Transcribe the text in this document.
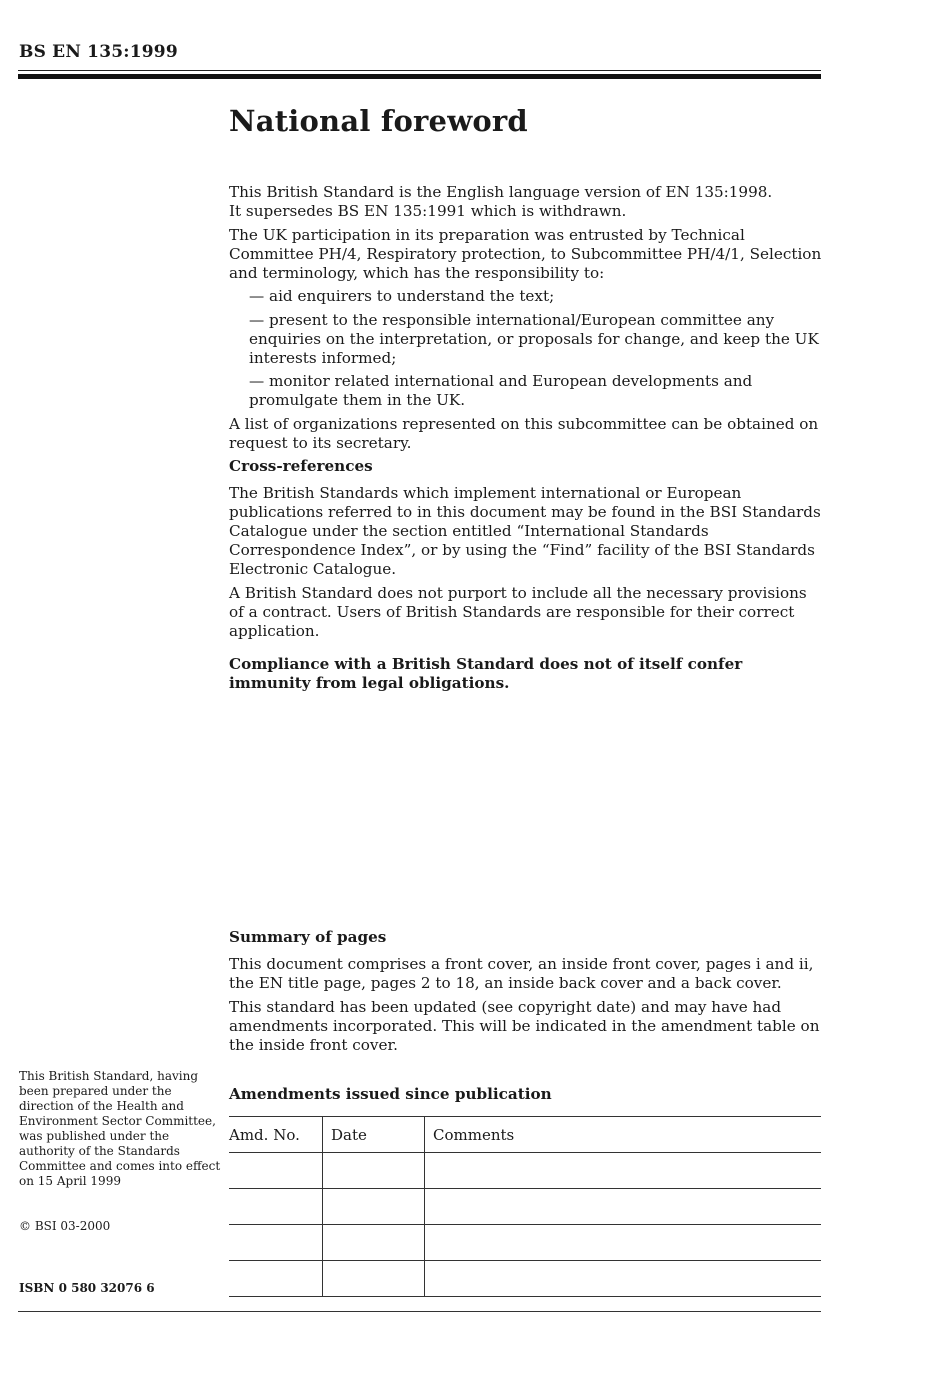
BS EN 135:1999
National foreword

This British Standard is the English language version of EN 135:1998.
It supersedes BS EN 135:1991 which is withdrawn.

The UK participation in its preparation was entrusted by Technical Committee PH/4, Respiratory protection, to Subcommittee PH/4/1, Selection and terminology, which has the responsibility to:

— aid enquirers to understand the text;

— present to the responsible international/European committee any enquiries on the interpretation, or proposals for change, and keep the UK interests informed;

— monitor related international and European developments and promulgate them in the UK.

A list of organizations represented on this subcommittee can be obtained on request to its secretary.

Cross-references

The British Standards which implement international or European publications referred to in this document may be found in the BSI Standards Catalogue under the section entitled “International Standards Correspondence Index”, or by using the “Find” facility of the BSI Standards Electronic Catalogue.

A British Standard does not purport to include all the necessary provisions of a contract. Users of British Standards are responsible for their correct application.

Compliance with a British Standard does not of itself confer immunity from legal obligations.

Summary of pages

This document comprises a front cover, an inside front cover, pages i and ii, the EN title page, pages 2 to 18, an inside back cover and a back cover.

This standard has been updated (see copyright date) and may have had amendments incorporated. This will be indicated in the amendment table on the inside front cover.

This British Standard, having been prepared under the direction of the Health and Environment Sector Committee, was published under the authority of the Standards Committee and comes into effect on 15 April 1999

© BSI 03-2000
ISBN 0 580 32076 6
Amendments issued since publication
Amd. No.	Date	Comments
